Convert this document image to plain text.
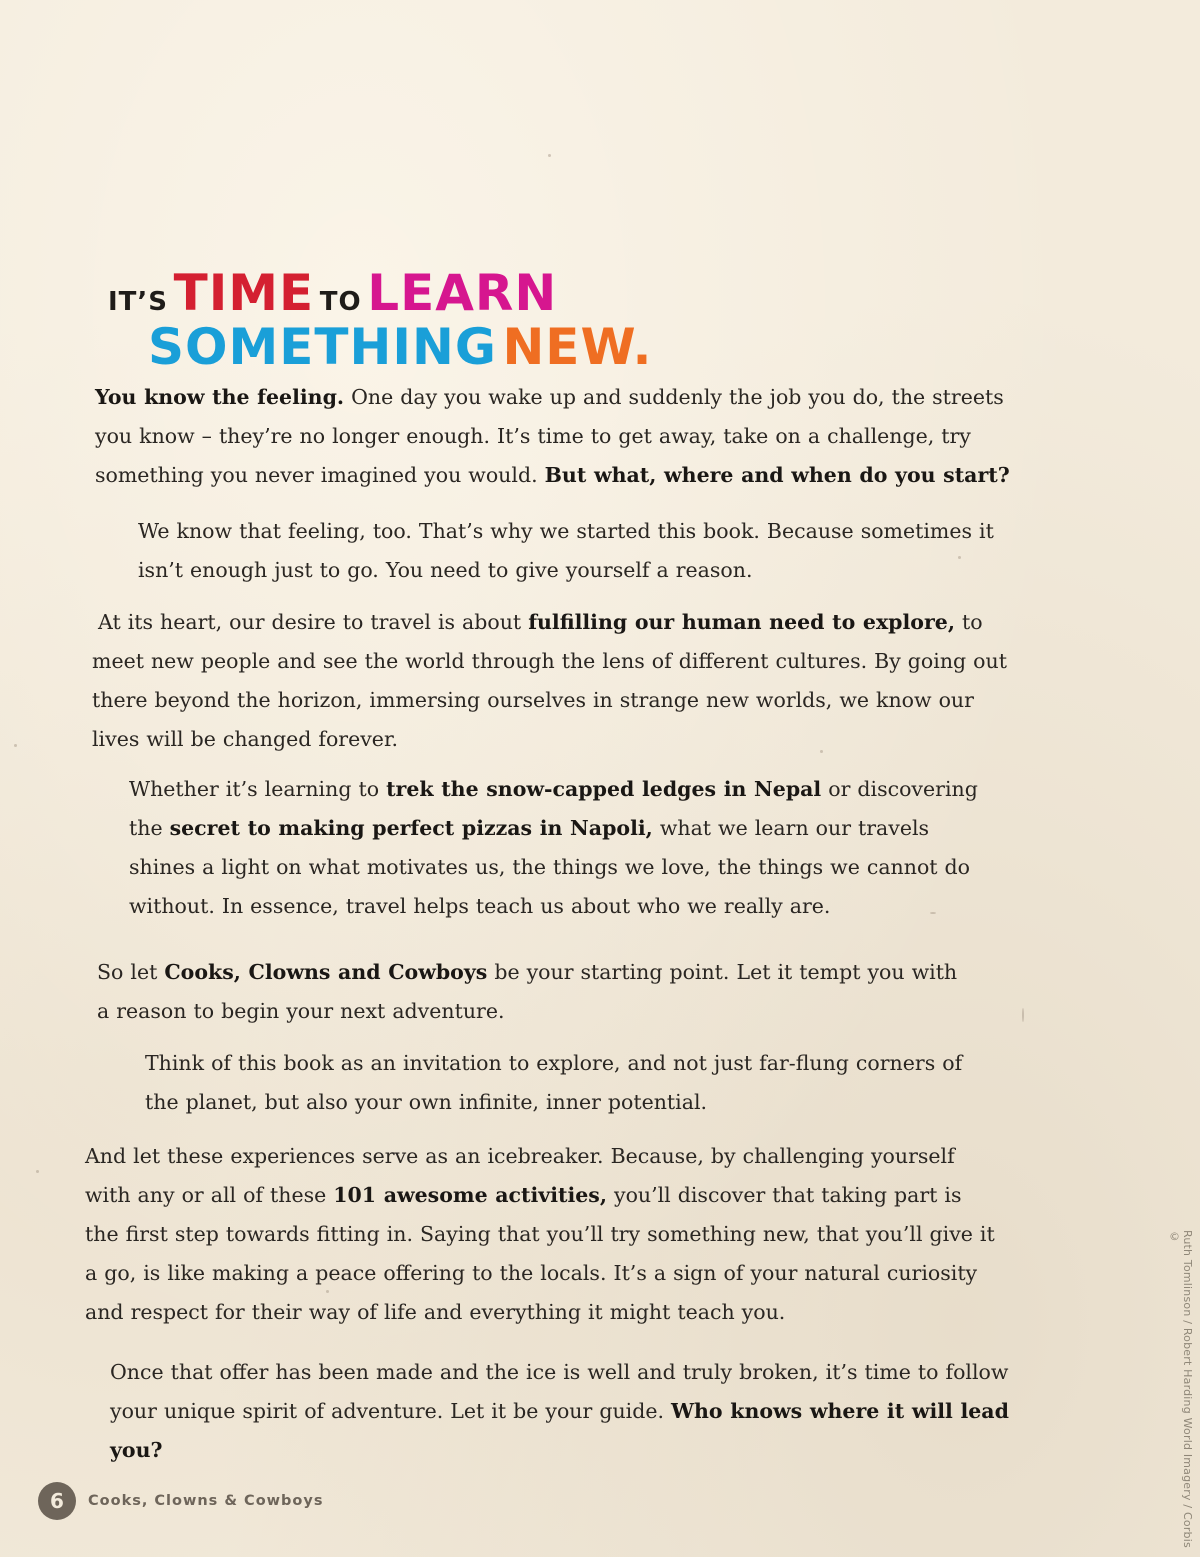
IT’S TIME TO LEARN
SOMETHING NEW.

You know the feeling. One day you wake up and suddenly the job you do, the streets you know – they’re no longer enough. It’s time to get away, take on a challenge, try something you never imagined you would. But what, where and when do you start?

We know that feeling, too. That’s why we started this book. Because sometimes it isn’t enough just to go. You need to give yourself a reason.

At its heart, our desire to travel is about fulfilling our human need to explore, to meet new people and see the world through the lens of different cultures. By going out there beyond the horizon, immersing ourselves in strange new worlds, we know our lives will be changed forever.

Whether it’s learning to trek the snow-capped ledges in Nepal or discovering the secret to making perfect pizzas in Napoli, what we learn our travels shines a light on what motivates us, the things we love, the things we cannot do without. In essence, travel helps teach us about who we really are.

So let Cooks, Clowns and Cowboys be your starting point. Let it tempt you with a reason to begin your next adventure.

Think of this book as an invitation to explore, and not just far-flung corners of the planet, but also your own infinite, inner potential.

And let these experiences serve as an icebreaker. Because, by challenging yourself with any or all of these 101 awesome activities, you’ll discover that taking part is the first step towards fitting in. Saying that you’ll try something new, that you’ll give it a go, is like making a peace offering to the locals. It’s a sign of your natural curiosity and respect for their way of life and everything it might teach you.

Once that offer has been made and the ice is well and truly broken, it’s time to follow your unique spirit of adventure. Let it be your guide. Who knows where it will lead you?	Ruth Tomlinson / Robert Harding World Imagery / Corbis ©
6	Cooks, Clowns & Cowboys
